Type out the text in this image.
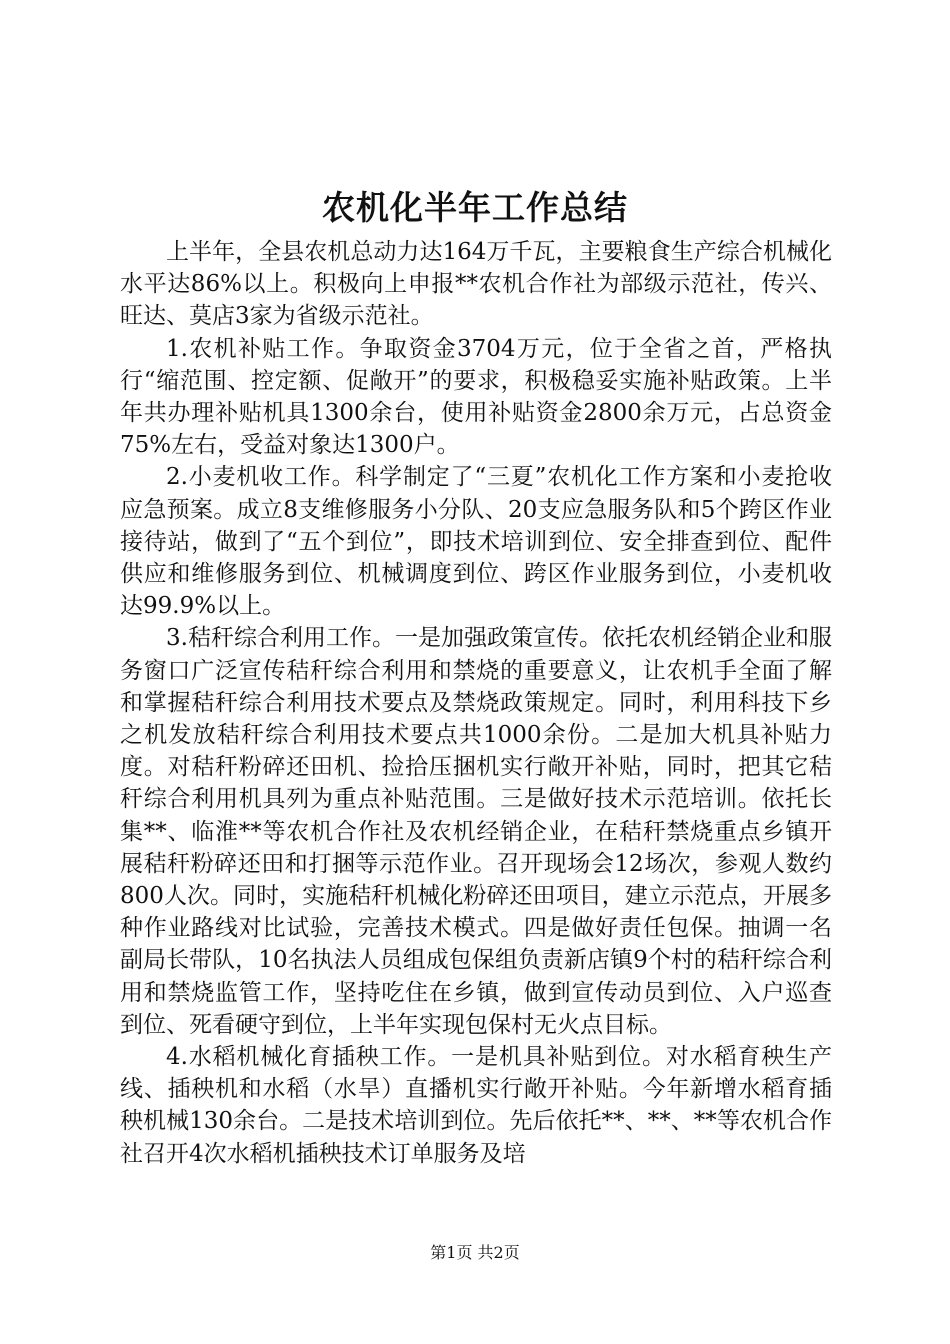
农机化半年工作总结

上半年，全县农机总动力达164万千瓦，主要粮食生产综合机械化水平达86%以上。积极向上申报**农机合作社为部级示范社，传兴、旺达、莫店3家为省级示范社。

1.农机补贴工作。争取资金3704万元，位于全省之首，严格执行“缩范围、控定额、促敞开”的要求，积极稳妥实施补贴政策。上半年共办理补贴机具1300余台，使用补贴资金2800余万元，占总资金75%左右，受益对象达1300户。

2.小麦机收工作。科学制定了“三夏”农机化工作方案和小麦抢收应急预案。成立8支维修服务小分队、20支应急服务队和5个跨区作业接待站，做到了“五个到位”，即技术培训到位、安全排查到位、配件供应和维修服务到位、机械调度到位、跨区作业服务到位，小麦机收达99.9%以上。

3.秸秆综合利用工作。一是加强政策宣传。依托农机经销企业和服务窗口广泛宣传秸秆综合利用和禁烧的重要意义，让农机手全面了解和掌握秸秆综合利用技术要点及禁烧政策规定。同时，利用科技下乡之机发放秸秆综合利用技术要点共1000余份。二是加大机具补贴力度。对秸秆粉碎还田机、捡拾压捆机实行敞开补贴，同时，把其它秸秆综合利用机具列为重点补贴范围。三是做好技术示范培训。依托长集**、临淮**等农机合作社及农机经销企业，在秸秆禁烧重点乡镇开展秸秆粉碎还田和打捆等示范作业。召开现场会12场次，参观人数约800人次。同时，实施秸秆机械化粉碎还田项目，建立示范点，开展多种作业路线对比试验，完善技术模式。四是做好责任包保。抽调一名副局长带队，10名执法人员组成包保组负责新店镇9个村的秸秆综合利用和禁烧监管工作，坚持吃住在乡镇，做到宣传动员到位、入户巡查到位、死看硬守到位，上半年实现包保村无火点目标。

4.水稻机械化育插秧工作。一是机具补贴到位。对水稻育秧生产线、插秧机和水稻（水旱）直播机实行敞开补贴。今年新增水稻育插秧机械130余台。二是技术培训到位。先后依托**、**、**等农机合作社召开4次水稻机插秧技术订单服务及培

第1页 共2页
